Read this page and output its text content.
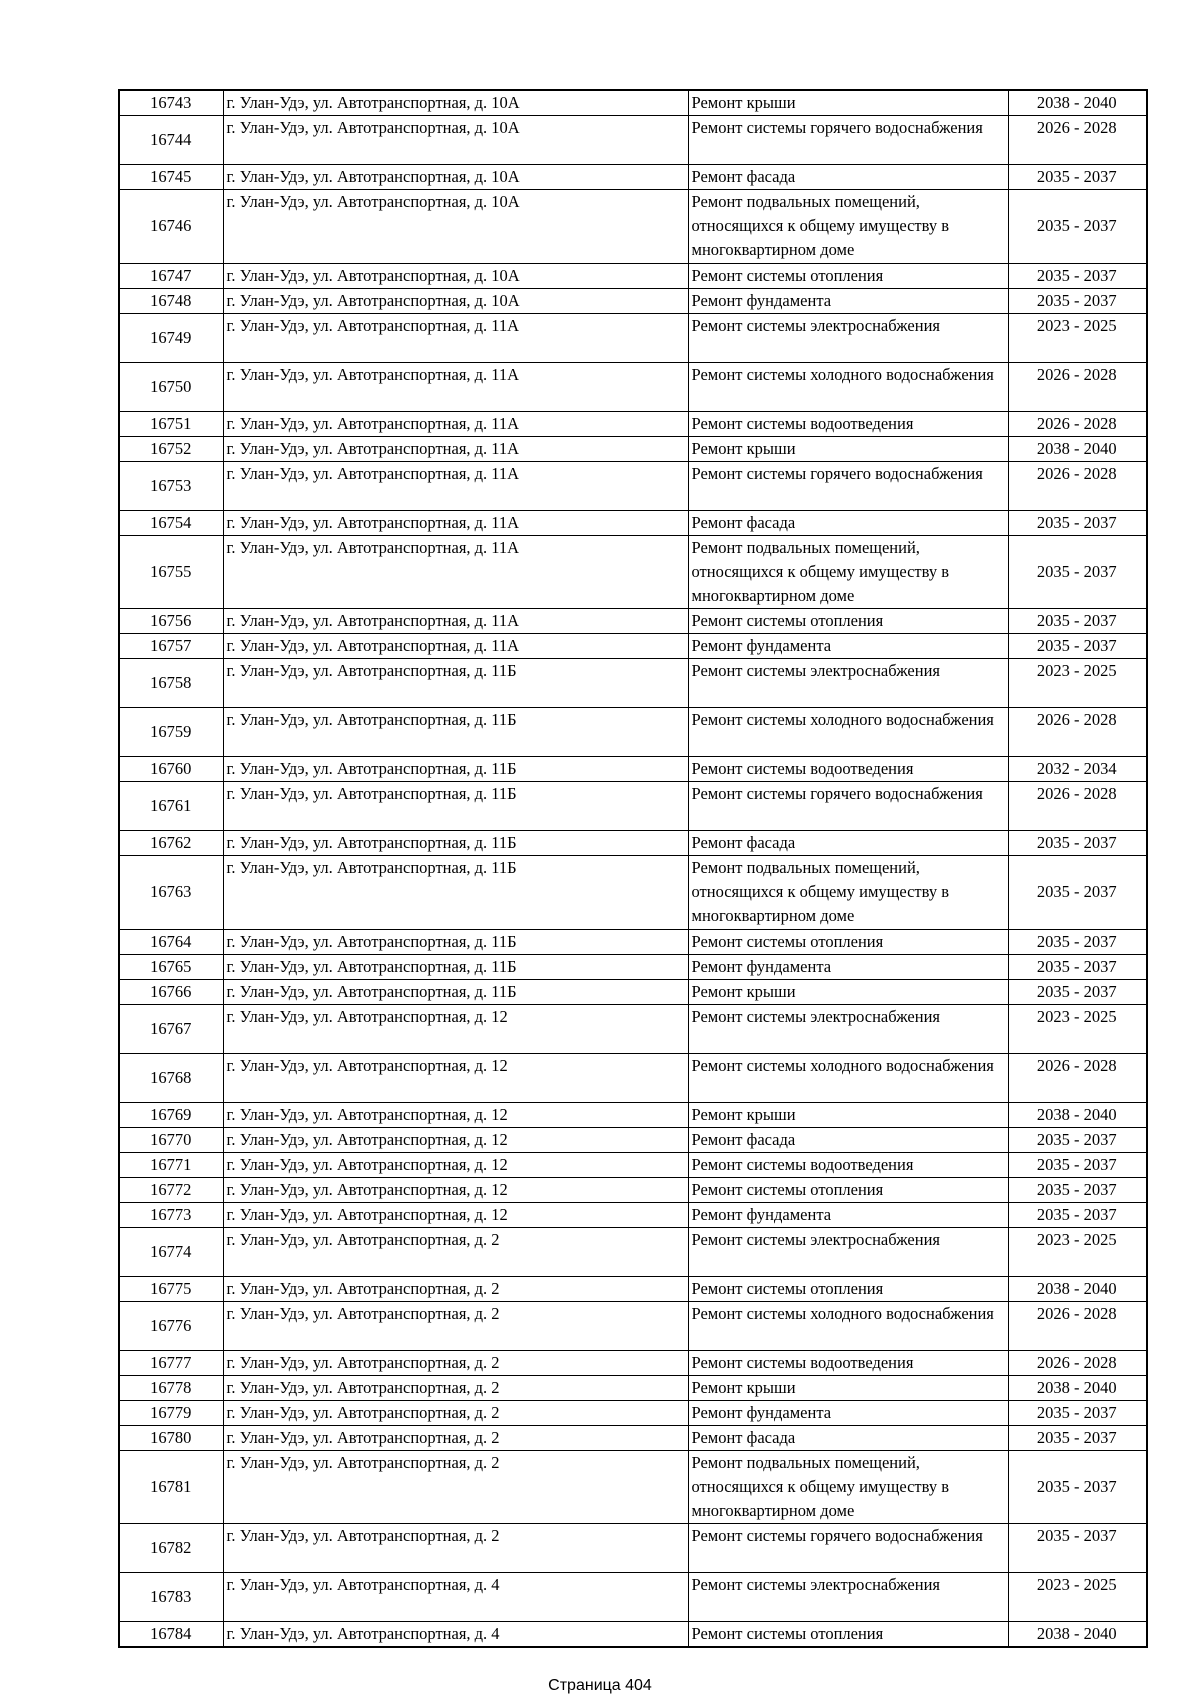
16743	г. Улан-Удэ, ул. Автотранспортная, д. 10А	Ремонт крыши	2038 - 2040
16744	г. Улан-Удэ, ул. Автотранспортная, д. 10А	Ремонт системы горячего водоснабжения	2026 - 2028
16745	г. Улан-Удэ, ул. Автотранспортная, д. 10А	Ремонт фасада	2035 - 2037
16746	г. Улан-Удэ, ул. Автотранспортная, д. 10А	Ремонт подвальных помещений, относящихся к общему имуществу в многоквартирном доме	2035 - 2037
16747	г. Улан-Удэ, ул. Автотранспортная, д. 10А	Ремонт системы отопления	2035 - 2037
16748	г. Улан-Удэ, ул. Автотранспортная, д. 10А	Ремонт фундамента	2035 - 2037
16749	г. Улан-Удэ, ул. Автотранспортная, д. 11А	Ремонт системы электроснабжения	2023 - 2025
16750	г. Улан-Удэ, ул. Автотранспортная, д. 11А	Ремонт системы холодного водоснабжения	2026 - 2028
16751	г. Улан-Удэ, ул. Автотранспортная, д. 11А	Ремонт системы водоотведения	2026 - 2028
16752	г. Улан-Удэ, ул. Автотранспортная, д. 11А	Ремонт крыши	2038 - 2040
16753	г. Улан-Удэ, ул. Автотранспортная, д. 11А	Ремонт системы горячего водоснабжения	2026 - 2028
16754	г. Улан-Удэ, ул. Автотранспортная, д. 11А	Ремонт фасада	2035 - 2037
16755	г. Улан-Удэ, ул. Автотранспортная, д. 11А	Ремонт подвальных помещений, относящихся к общему имуществу в многоквартирном доме	2035 - 2037
16756	г. Улан-Удэ, ул. Автотранспортная, д. 11А	Ремонт системы отопления	2035 - 2037
16757	г. Улан-Удэ, ул. Автотранспортная, д. 11А	Ремонт фундамента	2035 - 2037
16758	г. Улан-Удэ, ул. Автотранспортная, д. 11Б	Ремонт системы электроснабжения	2023 - 2025
16759	г. Улан-Удэ, ул. Автотранспортная, д. 11Б	Ремонт системы холодного водоснабжения	2026 - 2028
16760	г. Улан-Удэ, ул. Автотранспортная, д. 11Б	Ремонт системы водоотведения	2032 - 2034
16761	г. Улан-Удэ, ул. Автотранспортная, д. 11Б	Ремонт системы горячего водоснабжения	2026 - 2028
16762	г. Улан-Удэ, ул. Автотранспортная, д. 11Б	Ремонт фасада	2035 - 2037
16763	г. Улан-Удэ, ул. Автотранспортная, д. 11Б	Ремонт подвальных помещений, относящихся к общему имуществу в многоквартирном доме	2035 - 2037
16764	г. Улан-Удэ, ул. Автотранспортная, д. 11Б	Ремонт системы отопления	2035 - 2037
16765	г. Улан-Удэ, ул. Автотранспортная, д. 11Б	Ремонт фундамента	2035 - 2037
16766	г. Улан-Удэ, ул. Автотранспортная, д. 11Б	Ремонт крыши	2035 - 2037
16767	г. Улан-Удэ, ул. Автотранспортная, д. 12	Ремонт системы электроснабжения	2023 - 2025
16768	г. Улан-Удэ, ул. Автотранспортная, д. 12	Ремонт системы холодного водоснабжения	2026 - 2028
16769	г. Улан-Удэ, ул. Автотранспортная, д. 12	Ремонт крыши	2038 - 2040
16770	г. Улан-Удэ, ул. Автотранспортная, д. 12	Ремонт фасада	2035 - 2037
16771	г. Улан-Удэ, ул. Автотранспортная, д. 12	Ремонт системы водоотведения	2035 - 2037
16772	г. Улан-Удэ, ул. Автотранспортная, д. 12	Ремонт системы отопления	2035 - 2037
16773	г. Улан-Удэ, ул. Автотранспортная, д. 12	Ремонт фундамента	2035 - 2037
16774	г. Улан-Удэ, ул. Автотранспортная, д. 2	Ремонт системы электроснабжения	2023 - 2025
16775	г. Улан-Удэ, ул. Автотранспортная, д. 2	Ремонт системы отопления	2038 - 2040
16776	г. Улан-Удэ, ул. Автотранспортная, д. 2	Ремонт системы холодного водоснабжения	2026 - 2028
16777	г. Улан-Удэ, ул. Автотранспортная, д. 2	Ремонт системы водоотведения	2026 - 2028
16778	г. Улан-Удэ, ул. Автотранспортная, д. 2	Ремонт крыши	2038 - 2040
16779	г. Улан-Удэ, ул. Автотранспортная, д. 2	Ремонт фундамента	2035 - 2037
16780	г. Улан-Удэ, ул. Автотранспортная, д. 2	Ремонт фасада	2035 - 2037
16781	г. Улан-Удэ, ул. Автотранспортная, д. 2	Ремонт подвальных помещений, относящихся к общему имуществу в многоквартирном доме	2035 - 2037
16782	г. Улан-Удэ, ул. Автотранспортная, д. 2	Ремонт системы горячего водоснабжения	2035 - 2037
16783	г. Улан-Удэ, ул. Автотранспортная, д. 4	Ремонт системы электроснабжения	2023 - 2025
16784	г. Улан-Удэ, ул. Автотранспортная, д. 4	Ремонт системы отопления	2038 - 2040
Страница 404
